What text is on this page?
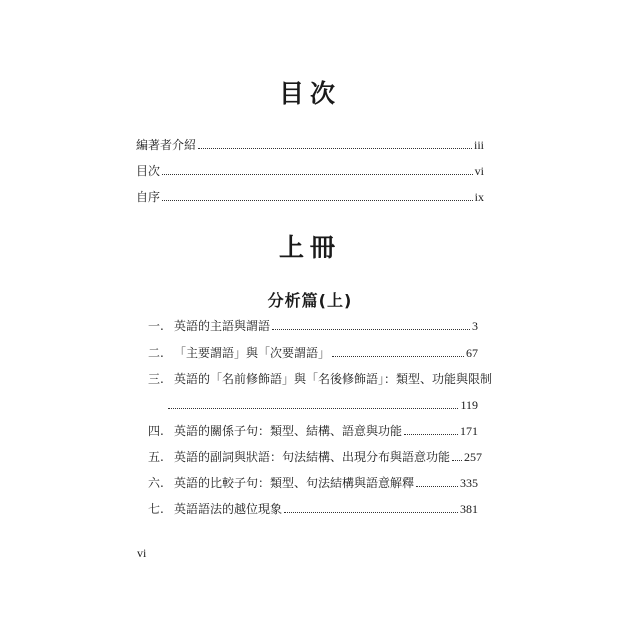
目次
編著者介紹	iii
目次	vi
自序	ix
上冊
分析篇(上)
一. 英語的主語與謂語	3
二. 「主要謂語」與「次要謂語」	67
三. 英語的「名前修飾語」與「名後修飾語」：類型、功能與限制
119
四. 英語的關係子句：類型、結構、語意與功能	171
五. 英語的副詞與狀語：句法結構、出現分布與語意功能 257
六. 英語的比較子句：類型、句法結構與語意解釋	335
七. 英語語法的越位現象	381
vi
